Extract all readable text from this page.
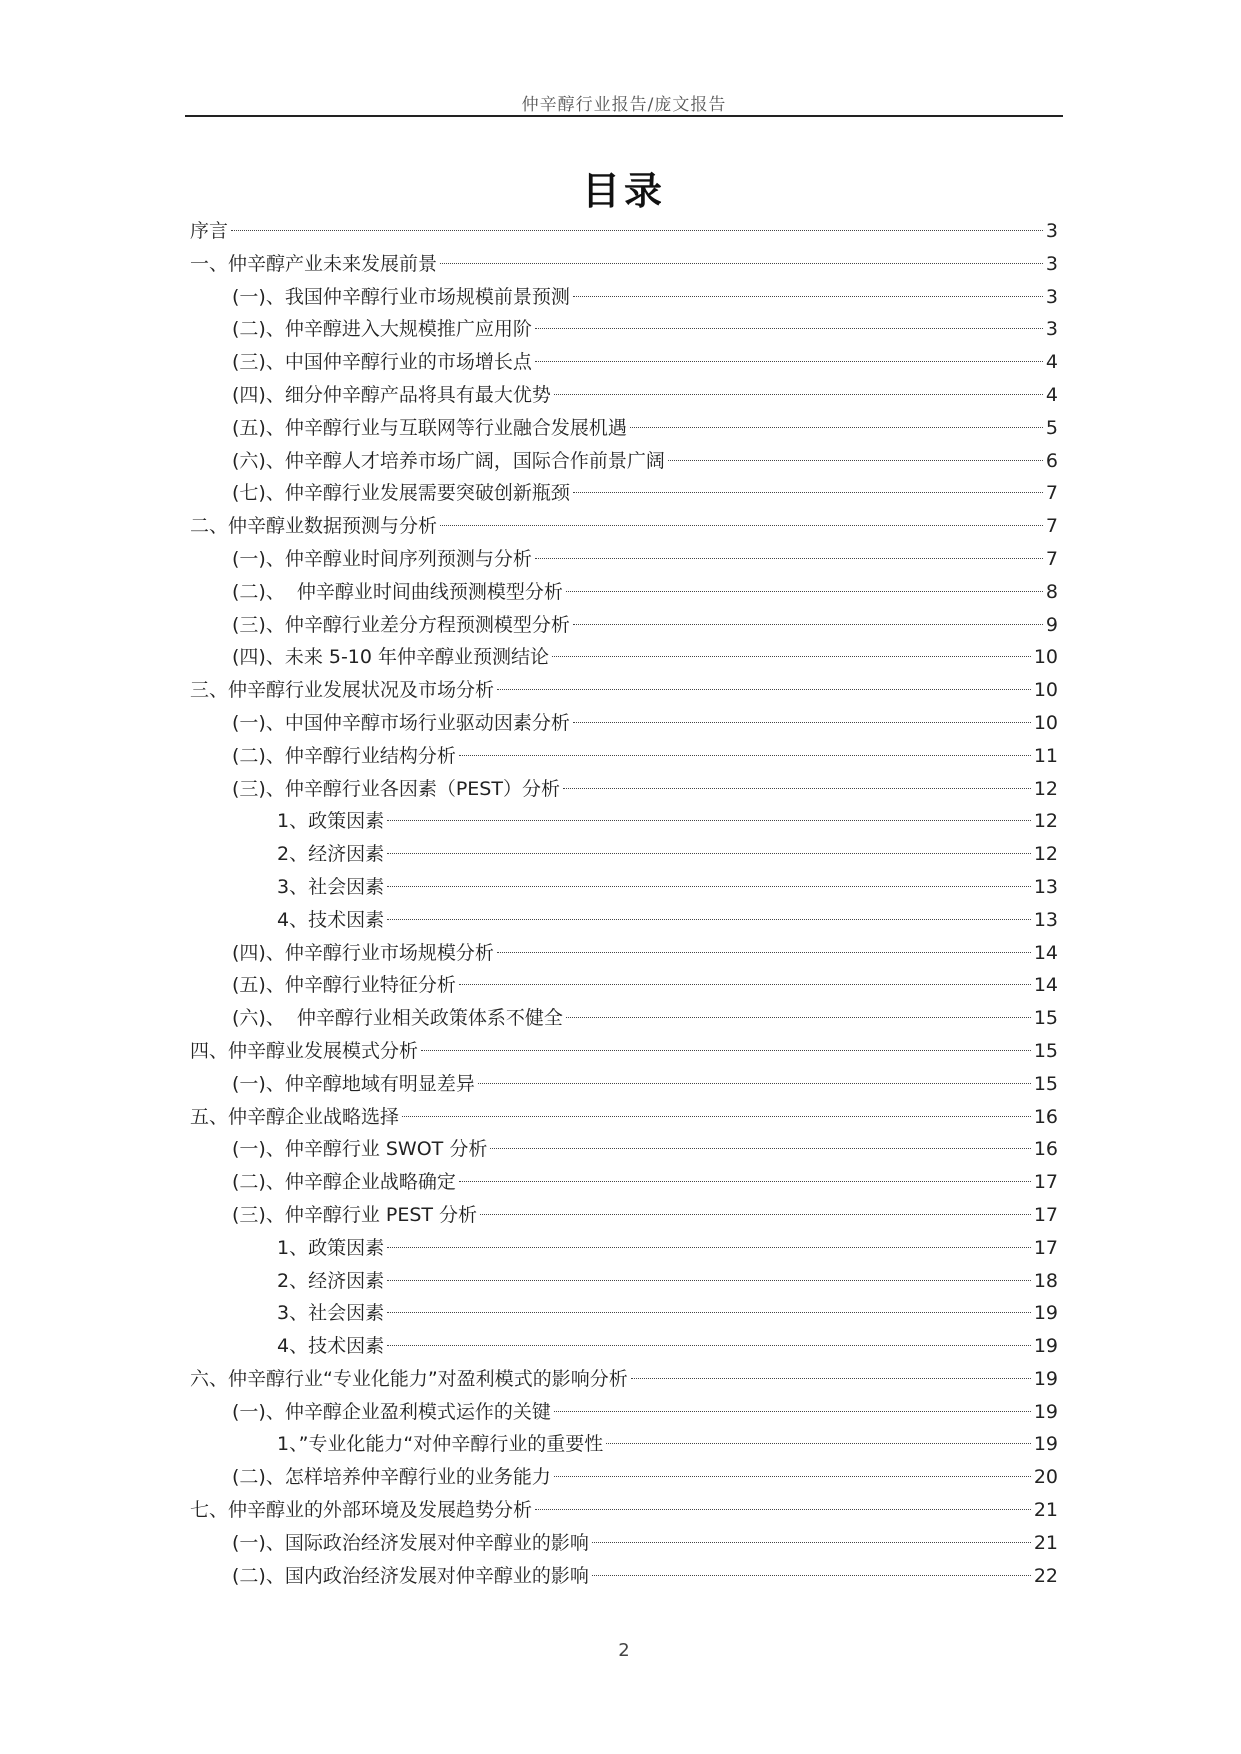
仲辛醇行业报告/庞文报告
目录
序言	3
一、仲辛醇产业未来发展前景	3
(一)、我国仲辛醇行业市场规模前景预测	3
(二)、仲辛醇进入大规模推广应用阶	3
(三)、中国仲辛醇行业的市场增长点	4
(四)、细分仲辛醇产品将具有最大优势	4
(五)、仲辛醇行业与互联网等行业融合发展机遇	5
(六)、仲辛醇人才培养市场广阔，国际合作前景广阔	6
(七)、仲辛醇行业发展需要突破创新瓶颈	7
二、仲辛醇业数据预测与分析	7
(一)、仲辛醇业时间序列预测与分析	7
(二)、  仲辛醇业时间曲线预测模型分析	8
(三)、仲辛醇行业差分方程预测模型分析	9
(四)、未来 5-10 年仲辛醇业预测结论	10
三、仲辛醇行业发展状况及市场分析	10
(一)、中国仲辛醇市场行业驱动因素分析	10
(二)、仲辛醇行业结构分析	11
(三)、仲辛醇行业各因素（PEST）分析	12
1、政策因素	12
2、经济因素	12
3、社会因素	13
4、技术因素	13
(四)、仲辛醇行业市场规模分析	14
(五)、仲辛醇行业特征分析	14
(六)、  仲辛醇行业相关政策体系不健全	15
四、仲辛醇业发展模式分析	15
(一)、仲辛醇地域有明显差异	15
五、仲辛醇企业战略选择	16
(一)、仲辛醇行业 SWOT 分析	16
(二)、仲辛醇企业战略确定	17
(三)、仲辛醇行业 PEST 分析	17
1、政策因素	17
2、经济因素	18
3、社会因素	19
4、技术因素	19
六、仲辛醇行业“专业化能力”对盈利模式的影响分析	19
(一)、仲辛醇企业盈利模式运作的关键	19
1、”专业化能力“对仲辛醇行业的重要性	19
(二)、怎样培养仲辛醇行业的业务能力	20
七、仲辛醇业的外部环境及发展趋势分析	21
(一)、国际政治经济发展对仲辛醇业的影响	21
(二)、国内政治经济发展对仲辛醇业的影响	22
2
